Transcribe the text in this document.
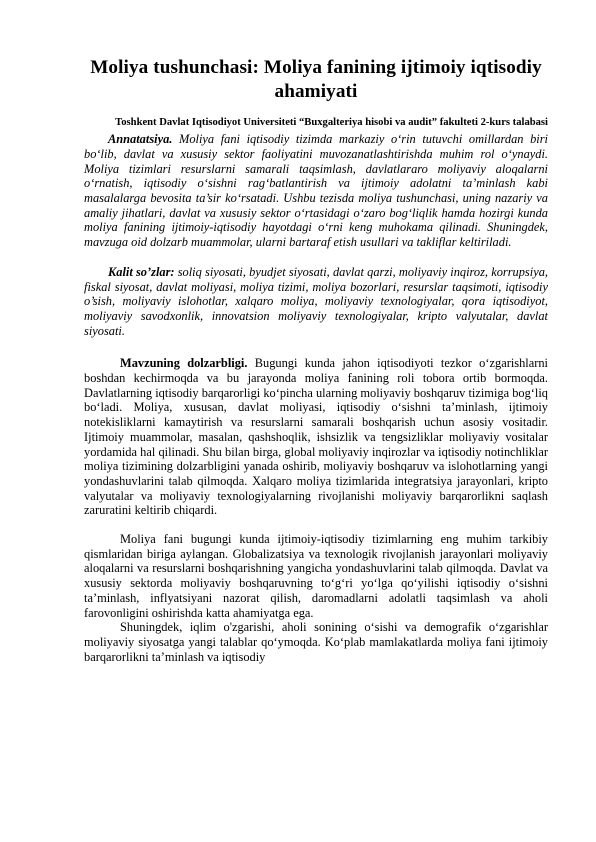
Moliya tushunchasi: Moliya fanining ijtimoiy iqtisodiy ahamiyati
Toshkent Davlat Iqtisodiyot Universiteti “Buxgalteriya hisobi va audit” fakulteti 2-kurs talabasi

Annatatsiya. Moliya fani iqtisodiy tizimda markaziy o‘rin tutuvchi omillardan biri bo‘lib, davlat va xususiy sektor faoliyatini muvozanatlashtirishda muhim rol o‘ynaydi. Moliya tizimlari resurslarni samarali taqsimlash, davlatlararo moliyaviy aloqalarni o‘rnatish, iqtisodiy o‘sishni rag‘batlantirish va ijtimoiy adolatni ta’minlash kabi masalalarga bevosita ta’sir ko‘rsatadi. Ushbu tezisda moliya tushunchasi, uning nazariy va amaliy jihatlari, davlat va xususiy sektor o‘rtasidagi o‘zaro bog‘liqlik hamda hozirgi kunda moliya fanining ijtimoiy-iqtisodiy hayotdagi o‘rni keng muhokama qilinadi. Shuningdek, mavzuga oid dolzarb muammolar, ularni bartaraf etish usullari va takliflar keltiriladi.

Kalit so’zlar: soliq siyosati, byudjet siyosati, davlat qarzi, moliyaviy inqiroz, korrupsiya, fiskal siyosat, davlat moliyasi, moliya tizimi, moliya bozorlari, resurslar taqsimoti, iqtisodiy o’sish, moliyaviy islohotlar, xalqaro moliya, moliyaviy texnologiyalar, qora iqtisodiyot, moliyaviy savodxonlik, innovatsion moliyaviy texnologiyalar, kripto valyutalar, davlat siyosati.

Mavzuning dolzarbligi. Bugungi kunda jahon iqtisodiyoti tezkor o‘zgarishlarni boshdan kechirmoqda va bu jarayonda moliya fanining roli tobora ortib bormoqda. Davlatlarning iqtisodiy barqarorligi ko‘pincha ularning moliyaviy boshqaruv tizimiga bog‘liq bo‘ladi. Moliya, xususan, davlat moliyasi, iqtisodiy o‘sishni ta’minlash, ijtimoiy notekisliklarni kamaytirish va resurslarni samarali boshqarish uchun asosiy vositadir. Ijtimoiy muammolar, masalan, qashshoqlik, ishsizlik va tengsizliklar moliyaviy vositalar yordamida hal qilinadi. Shu bilan birga, global moliyaviy inqirozlar va iqtisodiy notinchliklar moliya tizimining dolzarbligini yanada oshirib, moliyaviy boshqaruv va islohotlarning yangi yondashuvlarini talab qilmoqda. Xalqaro moliya tizimlarida integratsiya jarayonlari, kripto valyutalar va moliyaviy texnologiyalarning rivojlanishi moliyaviy barqarorlikni saqlash zaruratini keltirib chiqardi.

Moliya fani bugungi kunda ijtimoiy-iqtisodiy tizimlarning eng muhim tarkibiy qismlaridan biriga aylangan. Globalizatsiya va texnologik rivojlanish jarayonlari moliyaviy aloqalarni va resurslarni boshqarishning yangicha yondashuvlarini talab qilmoqda. Davlat va xususiy sektorda moliyaviy boshqaruvning to‘g‘ri yo‘lga qo‘yilishi iqtisodiy o‘sishni ta’minlash, inflyatsiyani nazorat qilish, daromadlarni adolatli taqsimlash va aholi farovonligini oshirishda katta ahamiyatga ega.

Shuningdek, iqlim o'zgarishi, aholi sonining o‘sishi va demografik o‘zgarishlar moliyaviy siyosatga yangi talablar qo‘ymoqda. Ko‘plab mamlakatlarda moliya fani ijtimoiy barqarorlikni ta’minlash va iqtisodiy
